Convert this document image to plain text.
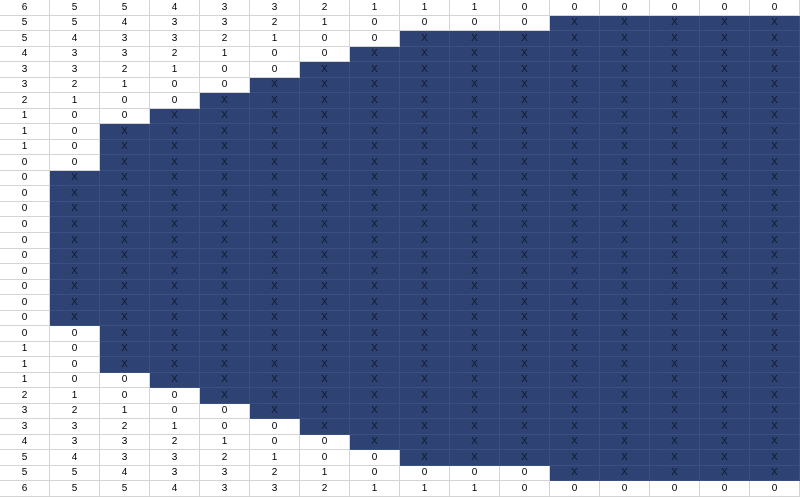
6	5	5	4	3	3	2	1	1	1	0	0	0	0	0	0
5	5	4	3	3	2	1	0	0	0	0	X	X	X	X	X
5	4	3	3	2	1	0	0	X	X	X	X	X	X	X	X
4	3	3	2	1	0	0	X	X	X	X	X	X	X	X	X
3	3	2	1	0	0	X	X	X	X	X	X	X	X	X	X
3	2	1	0	0	X	X	X	X	X	X	X	X	X	X	X
2	1	0	0	X	X	X	X	X	X	X	X	X	X	X	X
1	0	0	X	X	X	X	X	X	X	X	X	X	X	X	X
1	0	X	X	X	X	X	X	X	X	X	X	X	X	X	X
1	0	X	X	X	X	X	X	X	X	X	X	X	X	X	X
0	0	X	X	X	X	X	X	X	X	X	X	X	X	X	X
0	X	X	X	X	X	X	X	X	X	X	X	X	X	X	X
0	X	X	X	X	X	X	X	X	X	X	X	X	X	X	X
0	X	X	X	X	X	X	X	X	X	X	X	X	X	X	X
0	X	X	X	X	X	X	X	X	X	X	X	X	X	X	X
0	X	X	X	X	X	X	X	X	X	X	X	X	X	X	X
0	X	X	X	X	X	X	X	X	X	X	X	X	X	X	X
0	X	X	X	X	X	X	X	X	X	X	X	X	X	X	X
0	X	X	X	X	X	X	X	X	X	X	X	X	X	X	X
0	X	X	X	X	X	X	X	X	X	X	X	X	X	X	X
0	X	X	X	X	X	X	X	X	X	X	X	X	X	X	X
0	0	X	X	X	X	X	X	X	X	X	X	X	X	X	X
1	0	X	X	X	X	X	X	X	X	X	X	X	X	X	X
1	0	X	X	X	X	X	X	X	X	X	X	X	X	X	X
1	0	0	X	X	X	X	X	X	X	X	X	X	X	X	X
2	1	0	0	X	X	X	X	X	X	X	X	X	X	X	X
3	2	1	0	0	X	X	X	X	X	X	X	X	X	X	X
3	3	2	1	0	0	X	X	X	X	X	X	X	X	X	X
4	3	3	2	1	0	0	X	X	X	X	X	X	X	X	X
5	4	3	3	2	1	0	0	X	X	X	X	X	X	X	X
5	5	4	3	3	2	1	0	0	0	0	X	X	X	X	X
6	5	5	4	3	3	2	1	1	1	0	0	0	0	0	0
